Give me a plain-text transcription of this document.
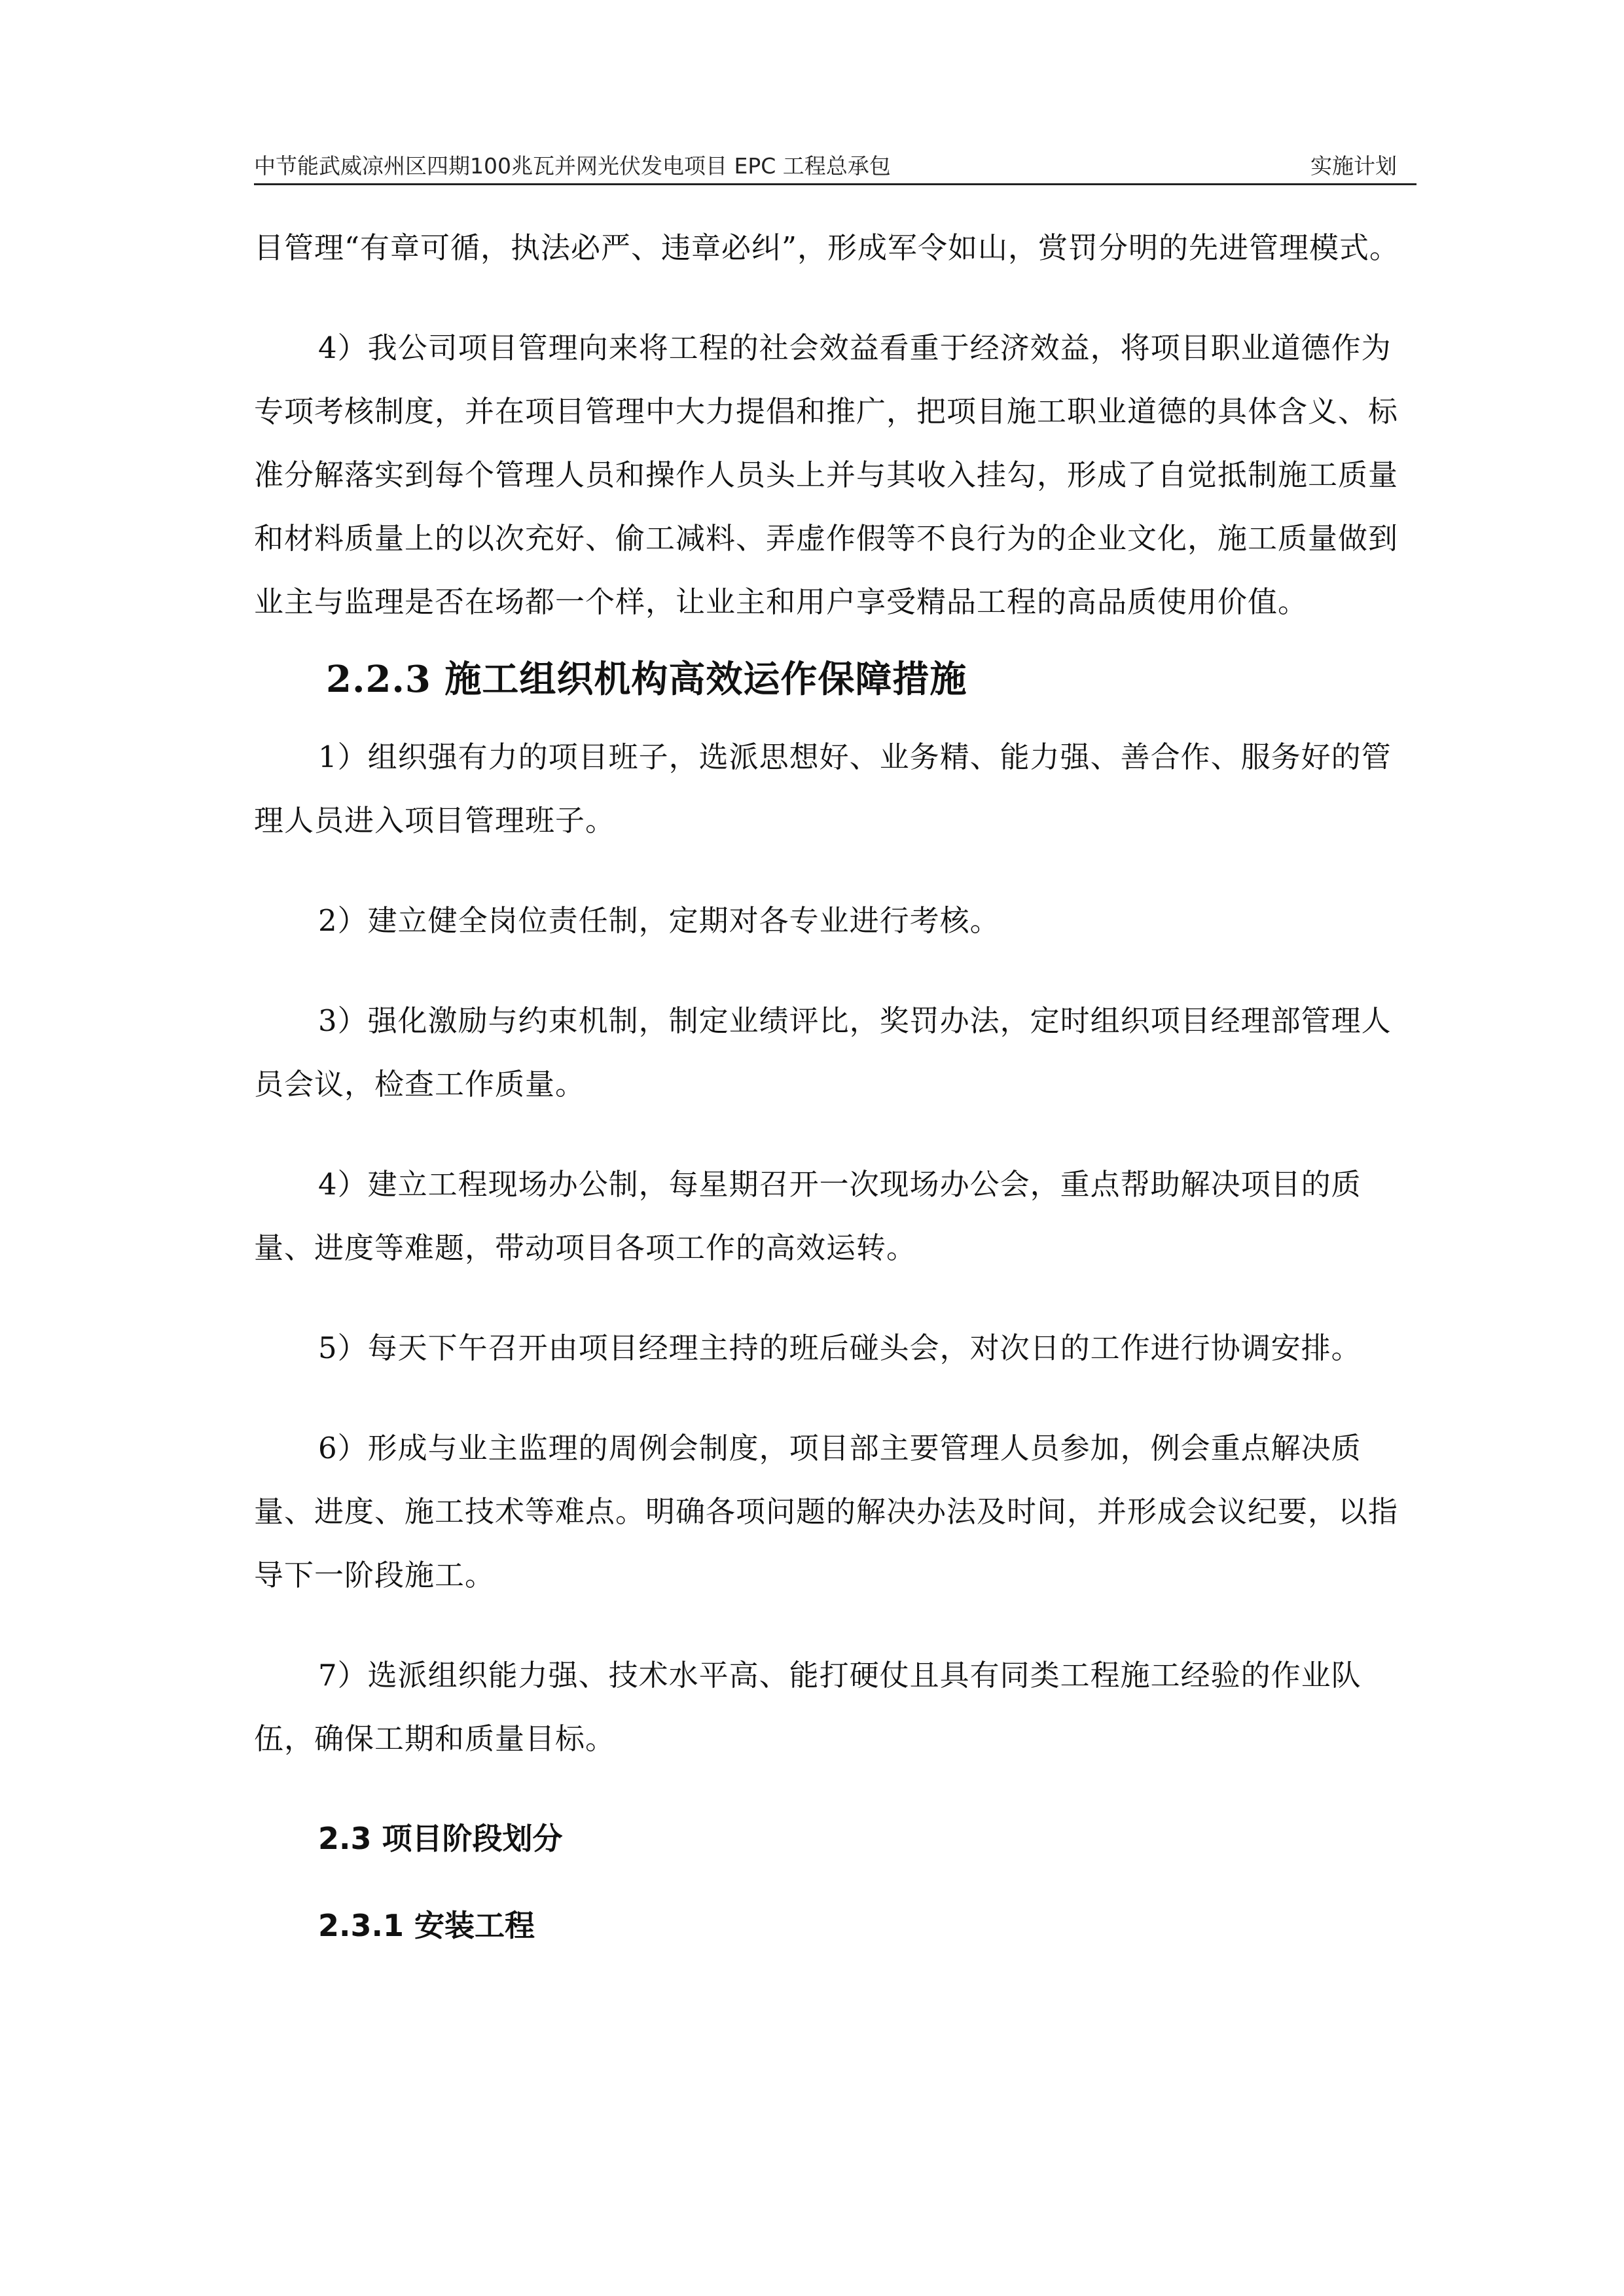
中节能武威凉州区四期100兆瓦并网光伏发电项目 EPC 工程总承包	实施计划

目管理“有章可循，执法必严、违章必纠”，形成军令如山，赏罚分明的先进管理模式。

4）我公司项目管理向来将工程的社会效益看重于经济效益，将项目职业道德作为专项考核制度，并在项目管理中大力提倡和推广，把项目施工职业道德的具体含义、标准分解落实到每个管理人员和操作人员头上并与其收入挂勾，形成了自觉抵制施工质量和材料质量上的以次充好、偷工减料、弄虚作假等不良行为的企业文化，施工质量做到业主与监理是否在场都一个样，让业主和用户享受精品工程的高品质使用价值。

2.2.3 施工组织机构高效运作保障措施

1）组织强有力的项目班子，选派思想好、业务精、能力强、善合作、服务好的管理人员进入项目管理班子。

2）建立健全岗位责任制，定期对各专业进行考核。

3）强化激励与约束机制，制定业绩评比，奖罚办法，定时组织项目经理部管理人员会议，检查工作质量。

4）建立工程现场办公制，每星期召开一次现场办公会，重点帮助解决项目的质量、进度等难题，带动项目各项工作的高效运转。

5）每天下午召开由项目经理主持的班后碰头会，对次日的工作进行协调安排。

6）形成与业主监理的周例会制度，项目部主要管理人员参加，例会重点解决质量、进度、施工技术等难点。明确各项问题的解决办法及时间，并形成会议纪要，以指导下一阶段施工。

7）选派组织能力强、技术水平高、能打硬仗且具有同类工程施工经验的作业队伍，确保工期和质量目标。

2.3 项目阶段划分
2.3.1 安装工程
